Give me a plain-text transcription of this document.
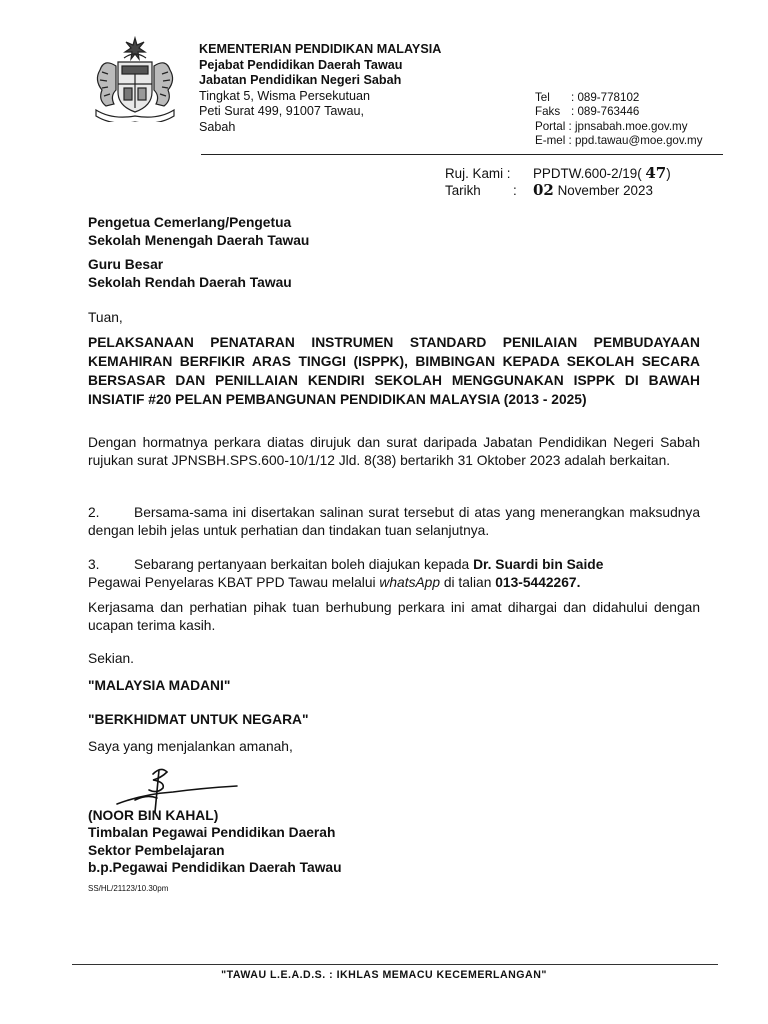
KEMENTERIAN PENDIDIKAN MALAYSIA
Pejabat Pendidikan Daerah Tawau
Jabatan Pendidikan Negeri Sabah
Tingkat 5, Wisma Persekutuan
Peti Surat 499, 91007 Tawau,
Sabah
Tel : 089-778102
Faks : 089-763446
Portal : jpnsabah.moe.gov.my
E-mel : ppd.tawau@moe.gov.my
Ruj. Kami : PPDTW.600-2/19( 47)
Tarikh : 02 November 2023
Pengetua Cemerlang/Pengetua
Sekolah Menengah Daerah Tawau
Guru Besar
Sekolah Rendah Daerah Tawau
Tuan,
PELAKSANAAN PENATARAN INSTRUMEN STANDARD PENILAIAN PEMBUDAYAAN KEMAHIRAN BERFIKIR ARAS TINGGI (ISPPK), BIMBINGAN KEPADA SEKOLAH SECARA BERSASAR DAN PENILLAIAN KENDIRI SEKOLAH MENGGUNAKAN ISPPK DI BAWAH INSIATIF #20 PELAN PEMBANGUNAN PENDIDIKAN MALAYSIA (2013 - 2025)
Dengan hormatnya perkara diatas dirujuk dan surat daripada Jabatan Pendidikan Negeri Sabah rujukan surat JPNSBH.SPS.600-10/1/12 Jld. 8(38) bertarikh 31 Oktober 2023 adalah berkaitan.
2. Bersama-sama ini disertakan salinan surat tersebut di atas yang menerangkan maksudnya dengan lebih jelas untuk perhatian dan tindakan tuan selanjutnya.
3. Sebarang pertanyaan berkaitan boleh diajukan kepada Dr. Suardi bin Saide
Pegawai Penyelaras KBAT PPD Tawau melalui whatsApp di talian 013-5442267.
Kerjasama dan perhatian pihak tuan berhubung perkara ini amat dihargai dan didahului dengan ucapan terima kasih.
Sekian.
"MALAYSIA MADANI"
"BERKHIDMAT UNTUK NEGARA"
Saya yang menjalankan amanah,
(NOOR BIN KAHAL)
Timbalan Pegawai Pendidikan Daerah
Sektor Pembelajaran
b.p.Pegawai Pendidikan Daerah Tawau
SS/HL/21123/10.30pm
"TAWAU L.E.A.D.S. : IKHLAS MEMACU KECEMERLANGAN"
